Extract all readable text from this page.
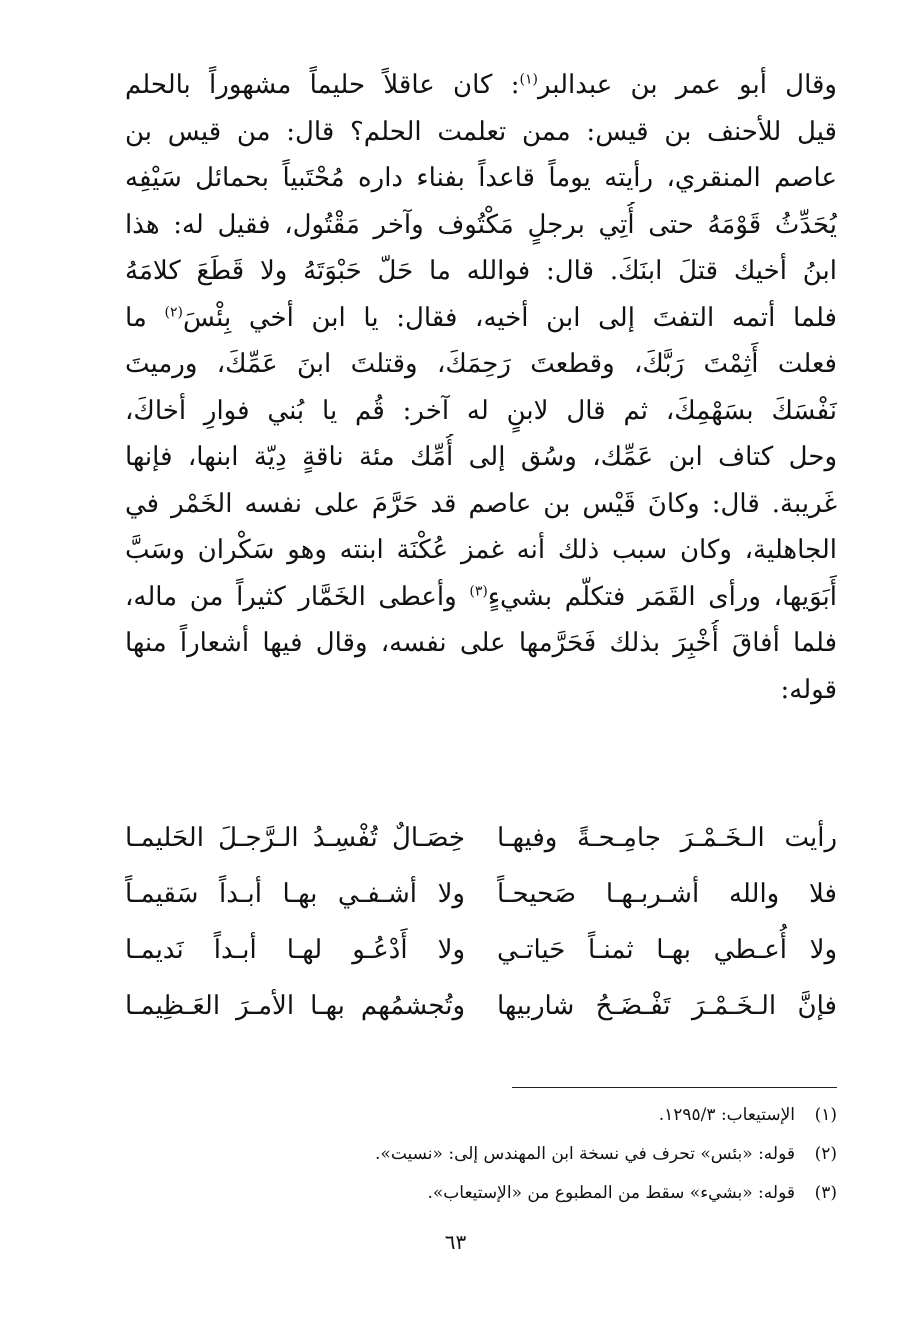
وقال أبو عمر بن عبدالبر$^{(١)}$: كان عاقلاً حليماً مشهوراً بالحلم
قيل للأحنف بن قيس: ممن تعلمت الحلم؟ قال: من قيس بن
عاصم المنقري، رأيته يوماً قاعداً بفناء داره مُحْتَبياً بحمائل سَيْفِه
يُحَدِّثُ قَوْمَهُ حتى أُتِي برجلٍ مَكْتُوف وآخر مَقْتُول، فقيل له: هذا
ابنُ أخيك قتلَ ابنَكَ. قال: فوالله ما حَلّ حَبْوَتَهُ ولا قَطَعَ كلامَهُ
فلما أتمه التفتَ إلى ابن أخيه، فقال: يا ابن أخي بِئْسَ$^{(٢)}$ ما
فعلت أَثِمْتَ رَبَّكَ، وقطعتَ رَحِمَكَ، وقتلتَ ابنَ عَمِّكَ، ورميتَ
نَفْسَكَ بسَهْمِكَ، ثم قال لابنٍ له آخر: قُم يا بُني فوارِ أخاكَ،
وحل كتاف ابن عَمِّك، وسُق إلى أُمِّك مئة ناقةٍ دِيّة ابنها، فإنها
غَريبة. قال: وكانَ قَيْس بن عاصم قد حَرَّمَ على نفسه الخَمْر في
الجاهلية، وكان سبب ذلك أنه غمز عُكْنَة ابنته وهو سَكْران وسَبَّ
أَبَوَيها، ورأى القَمَر فتكلّم بشيءٍ$^{(٣)}$ وأعطى الخَمَّار كثيراً من ماله،
فلما أفاقَ أُخْبِرَ بذلك فَحَرَّمها على نفسه، وقال فيها أشعاراً منها
قوله:
رأيت الـخَـمْـرَ جامِـحـةً وفيهـا
خِصَـالٌ تُفْسِـدُ الـرَّجـلَ الحَليمـا
فلا والله أشـربـهـا صَحيحـاً
ولا أشـفـي بهـا أبـداً سَقيمـاً
ولا أُعـطي بهـا ثمنـاً حَياتـي
ولا أَدْعُـو لهـا أبـداً نَديمـا
فإنَّ الـخَـمْـرَ تَفْـضَـحُ شاربيها
وتُجشمُهم بهـا الأمـرَ العَـظِيمـا
(١)
الإستيعاب: ١٢٩٥/٣.
(٢)
قوله: «بئس» تحرف في نسخة ابن المهندس إلى: «نسيت».
(٣)
قوله: «بشيء» سقط من المطبوع من «الإستيعاب».
٦٣
